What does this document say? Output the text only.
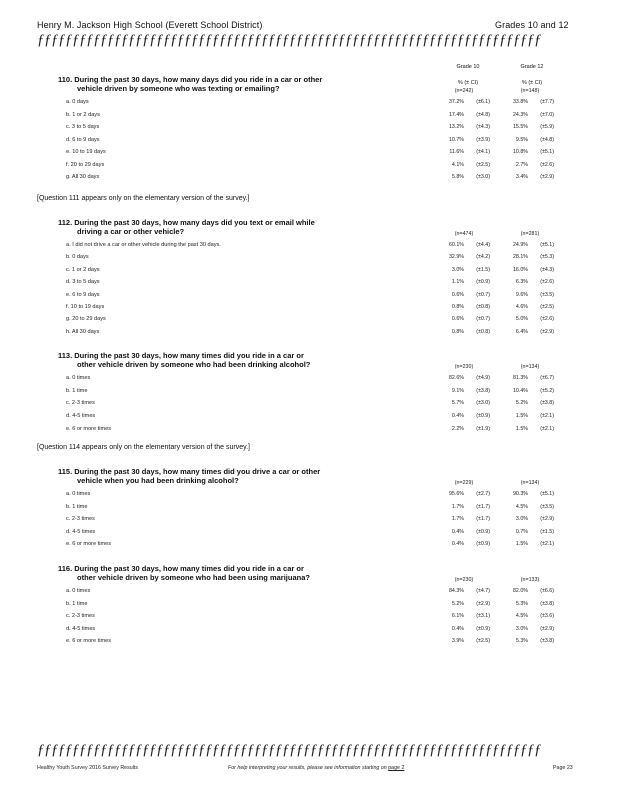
Henry M. Jackson High School (Everett School District)	Grades 10 and 12
ƒƒƒƒƒƒƒƒƒƒƒƒƒƒƒƒƒƒƒƒƒƒƒƒƒƒƒƒƒƒƒƒƒƒƒƒƒƒƒƒƒƒƒƒƒƒƒƒƒƒƒƒƒƒƒƒƒƒƒƒƒƒƒƒƒƒƒƒƒƒƒƒ
Grade 10	Grade 12
% (± CI)	% (± CI)
110. During the past 30 days, how many days did you ride in a car or other
vehicle driven by someone who was texting or emailing?	(n=242)	(n=148)
a. 0 days	37.2%	(±6.1)	33.8%	(±7.7)
b. 1 or 2 days	17.4%	(±4.8)	24.3%	(±7.0)
c. 3 to 5 days	13.2%	(±4.3)	15.5%	(±5.9)
d. 6 to 9 days	10.7%	(±3.9)	9.5%	(±4.8)
e. 10 to 19 days	11.6%	(±4.1)	10.8%	(±5.1)
f. 20 to 29 days	4.1%	(±2.5)	2.7%	(±2.6)
g. All 30 days	5.8%	(±3.0)	3.4%	(±2.9)
[Question 111 appears only on the elementary version of the survey.]
112. During the past 30 days, how many days did you text or email while
driving a car or other vehicle?	(n=474)	(n=281)
a. I did not drive a car or other vehicle during the past 30 days.	60.1%	(±4.4)	24.9%	(±5.1)
b. 0 days	32.9%	(±4.2)	28.1%	(±5.3)
c. 1 or 2 days	3.0%	(±1.5)	16.0%	(±4.3)
d. 3 to 5 days	1.1%	(±0.9)	6.3%	(±2.6)
e. 6 to 9 days	0.6%	(±0.7)	9.6%	(±3.5)
f. 10 to 19 days	0.8%	(±0.8)	4.6%	(±2.5)
g. 20 to 29 days	0.6%	(±0.7)	5.0%	(±2.6)
h. All 30 days	0.8%	(±0.8)	6.4%	(±2.9)
113. During the past 30 days, how many times did you ride in a car or
other vehicle driven by someone who had been drinking alcohol?	(n=230)	(n=134)
a. 0 times	82.6%	(±4.9)	81.3%	(±6.7)
b. 1 time	9.1%	(±3.8)	10.4%	(±5.2)
c. 2-3 times	5.7%	(±3.0)	5.2%	(±3.8)
d. 4-5 times	0.4%	(±0.9)	1.5%	(±2.1)
e. 6 or more times	2.2%	(±1.9)	1.5%	(±2.1)
[Question 114 appears only on the elementary version of the survey.]
115. During the past 30 days, how many times did you drive a car or other
vehicle when you had been drinking alcohol?	(n=229)	(n=134)
a. 0 times	95.6%	(±2.7)	90.3%	(±5.1)
b. 1 time	1.7%	(±1.7)	4.5%	(±3.5)
c. 2-3 times	1.7%	(±1.7)	3.0%	(±2.9)
d. 4-5 times	0.4%	(±0.9)	0.7%	(±1.5)
e. 6 or more times	0.4%	(±0.9)	1.5%	(±2.1)
116. During the past 30 days, how many times did you ride in a car or
other vehicle driven by someone who had been using marijuana?	(n=230)	(n=133)
a. 0 times	84.3%	(±4.7)	82.0%	(±6.6)
b. 1 time	5.2%	(±2.9)	5.3%	(±3.8)
c. 2-3 times	6.1%	(±3.1)	4.5%	(±3.6)
d. 4-5 times	0.4%	(±0.9)	3.0%	(±2.9)
e. 6 or more times	3.9%	(±2.5)	5.3%	(±3.8)
ƒƒƒƒƒƒƒƒƒƒƒƒƒƒƒƒƒƒƒƒƒƒƒƒƒƒƒƒƒƒƒƒƒƒƒƒƒƒƒƒƒƒƒƒƒƒƒƒƒƒƒƒƒƒƒƒƒƒƒƒƒƒƒƒƒƒƒƒƒƒƒƒ
Healthy Youth Survey 2016 Survey Results	For help interpreting your results, please see information starting on page 2	Page 23
